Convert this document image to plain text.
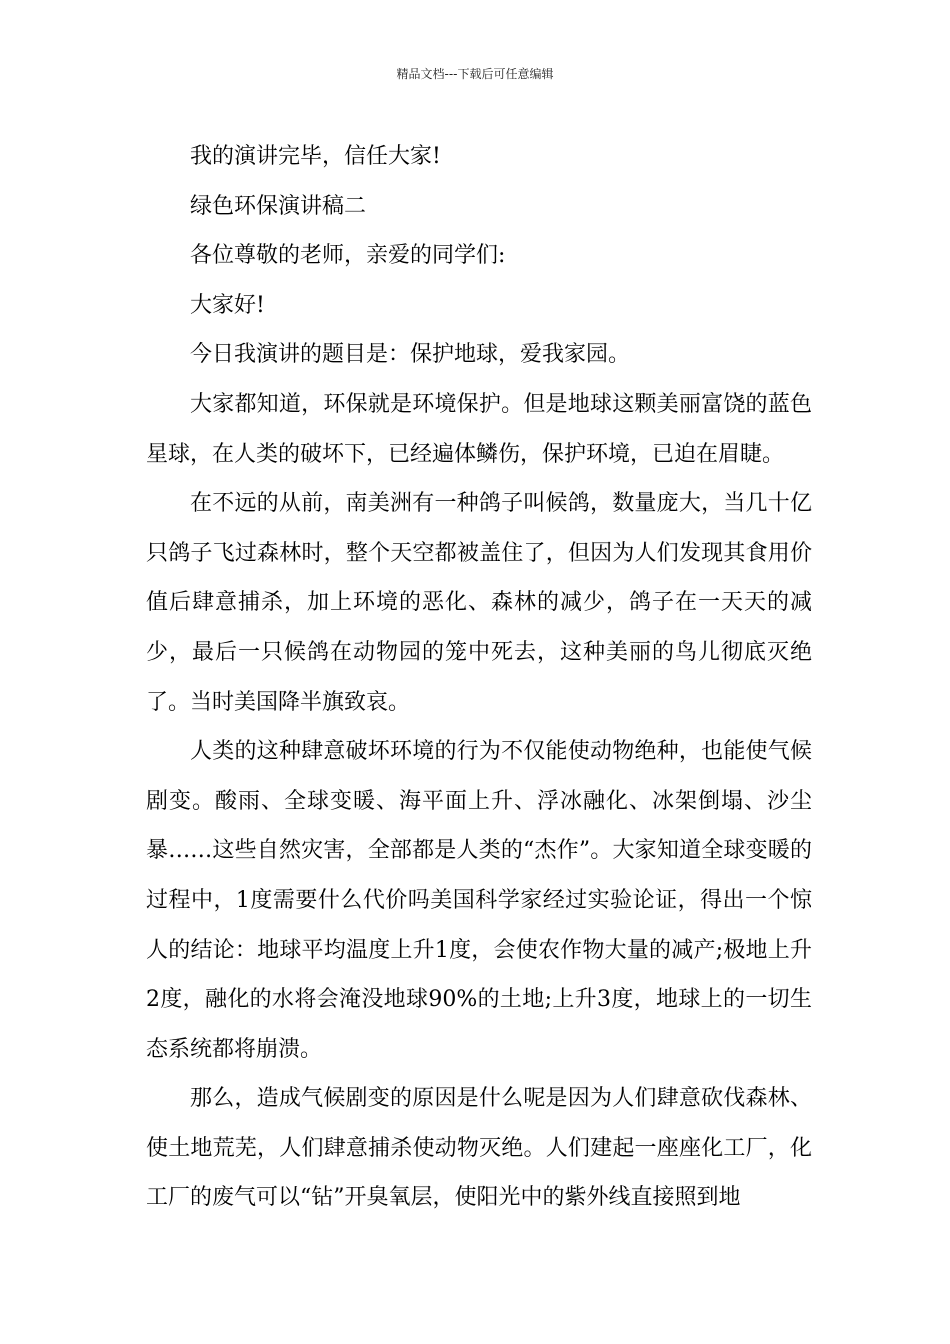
精品文档---下载后可任意编辑

我的演讲完毕，信任大家!

绿色环保演讲稿二

各位尊敬的老师，亲爱的同学们:

大家好!

今日我演讲的题目是：保护地球，爱我家园。

大家都知道，环保就是环境保护。但是地球这颗美丽富饶的蓝色星球，在人类的破坏下，已经遍体鳞伤，保护环境，已迫在眉睫。

在不远的从前，南美洲有一种鸽子叫候鸽，数量庞大，当几十亿只鸽子飞过森林时，整个天空都被盖住了，但因为人们发现其食用价值后肆意捕杀，加上环境的恶化、森林的减少，鸽子在一天天的减少，最后一只候鸽在动物园的笼中死去，这种美丽的鸟儿彻底灭绝了。当时美国降半旗致哀。

人类的这种肆意破坏环境的行为不仅能使动物绝种，也能使气候剧变。酸雨、全球变暖、海平面上升、浮冰融化、冰架倒塌、沙尘暴……这些自然灾害，全部都是人类的“杰作”。大家知道全球变暖的过程中，1度需要什么代价吗美国科学家经过实验论证，得出一个惊人的结论：地球平均温度上升1度，会使农作物大量的减产;极地上升2度，融化的水将会淹没地球90%的土地;上升3度，地球上的一切生态系统都将崩溃。

那么，造成气候剧变的原因是什么呢是因为人们肆意砍伐森林、使土地荒芜，人们肆意捕杀使动物灭绝。人们建起一座座化工厂，化工厂的废气可以“钻”开臭氧层，使阳光中的紫外线直接照到地
